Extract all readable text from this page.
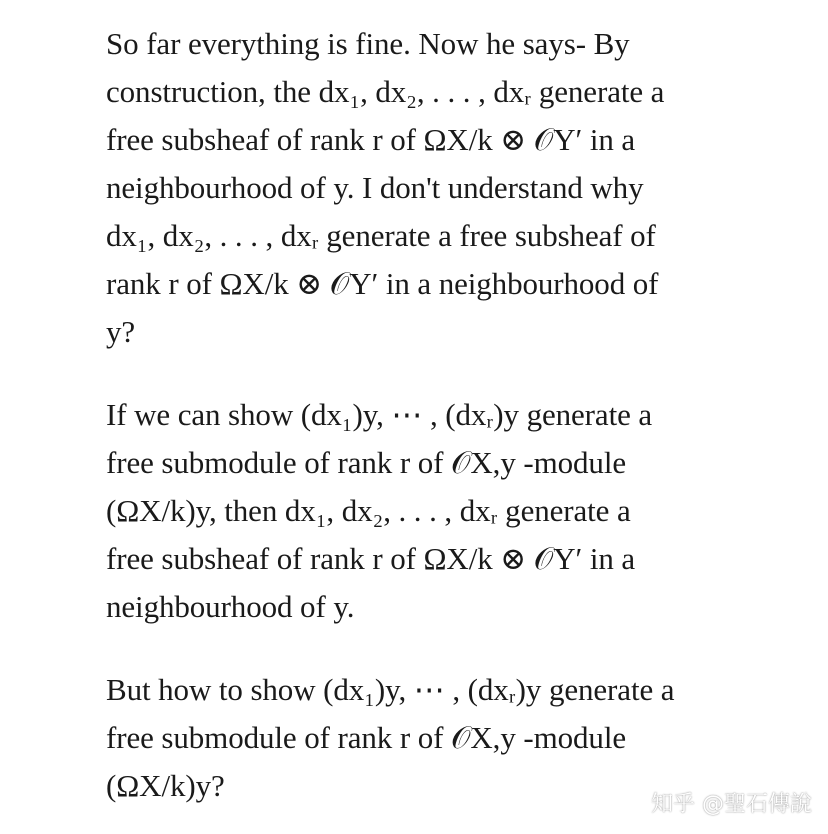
So far everything is fine. Now he says- By
construction, the dx₁, dx₂, . . . , dxᵣ generate a
free subsheaf of rank r of ΩX/k ⊗ 𝒪Y′ in a
neighbourhood of y. I don't understand why
dx₁, dx₂, . . . , dxᵣ generate a free subsheaf of
rank r of ΩX/k ⊗ 𝒪Y′ in a neighbourhood of
y?
If we can show (dx₁)y, ⋯ , (dxᵣ)y generate a
free submodule of rank r of 𝒪X,y -module
(ΩX/k)y, then dx₁, dx₂, . . . , dxᵣ generate a
free subsheaf of rank r of ΩX/k ⊗ 𝒪Y′ in a
neighbourhood of y.
But how to show (dx₁)y, ⋯ , (dxᵣ)y generate a
free submodule of rank r of 𝒪X,y -module
(ΩX/k)y?
知乎 @聖石傳說
